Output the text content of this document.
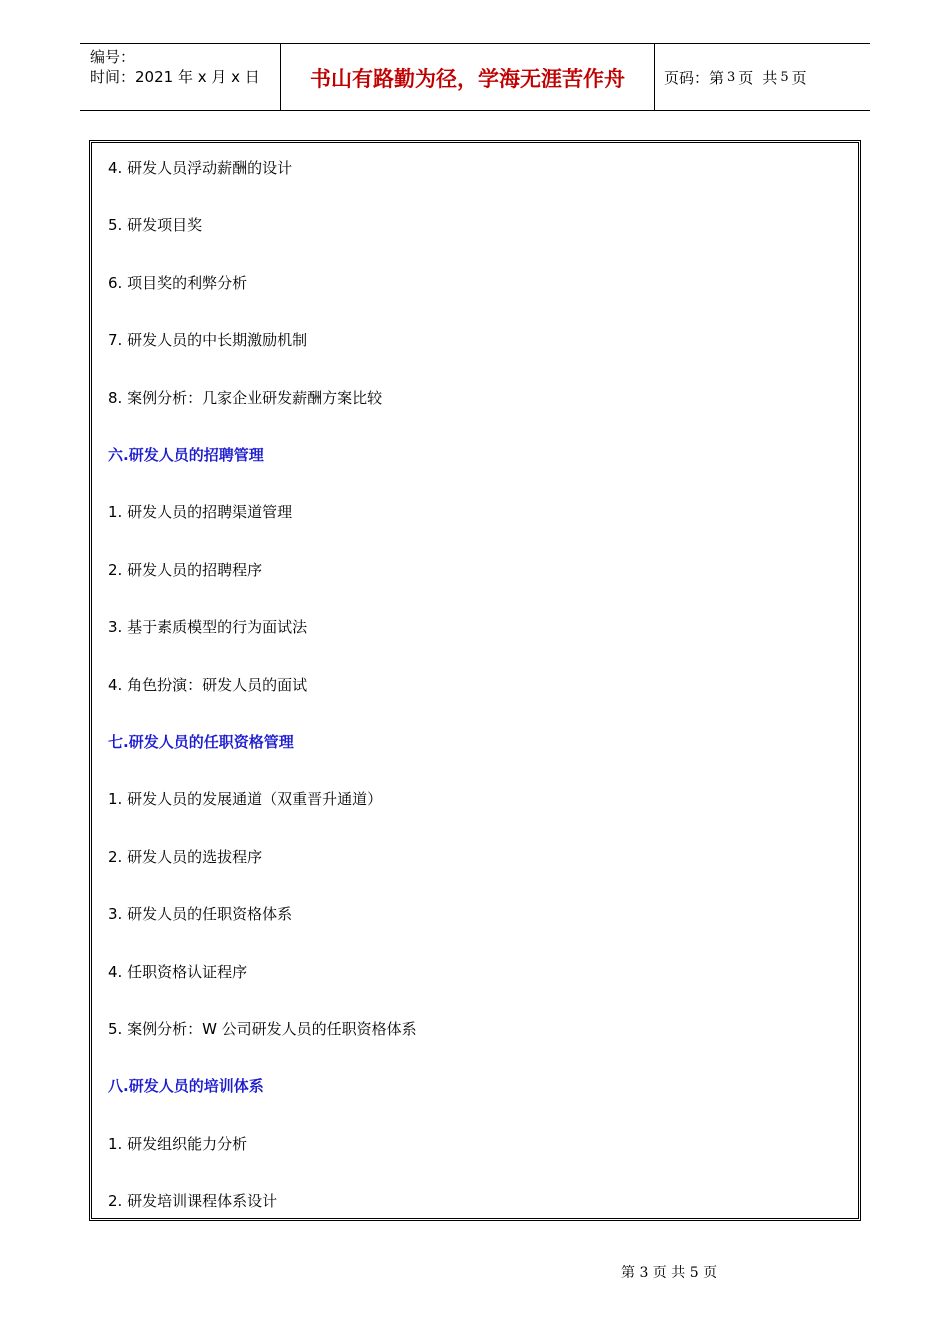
编号：
时间：2021 年 x 月 x 日	书山有路勤为径，学海无涯苦作舟	页码：第 3 页 共 5 页
4. 研发人员浮动薪酬的设计
5. 研发项目奖
6. 项目奖的利弊分析
7. 研发人员的中长期激励机制
8. 案例分析：几家企业研发薪酬方案比较
六.研发人员的招聘管理
1. 研发人员的招聘渠道管理
2. 研发人员的招聘程序
3. 基于素质模型的行为面试法
4. 角色扮演：研发人员的面试
七.研发人员的任职资格管理
1. 研发人员的发展通道（双重晋升通道）
2. 研发人员的选拔程序
3. 研发人员的任职资格体系
4. 任职资格认证程序
5. 案例分析：W 公司研发人员的任职资格体系
八.研发人员的培训体系
1. 研发组织能力分析
2. 研发培训课程体系设计
第 3 页 共 5 页
